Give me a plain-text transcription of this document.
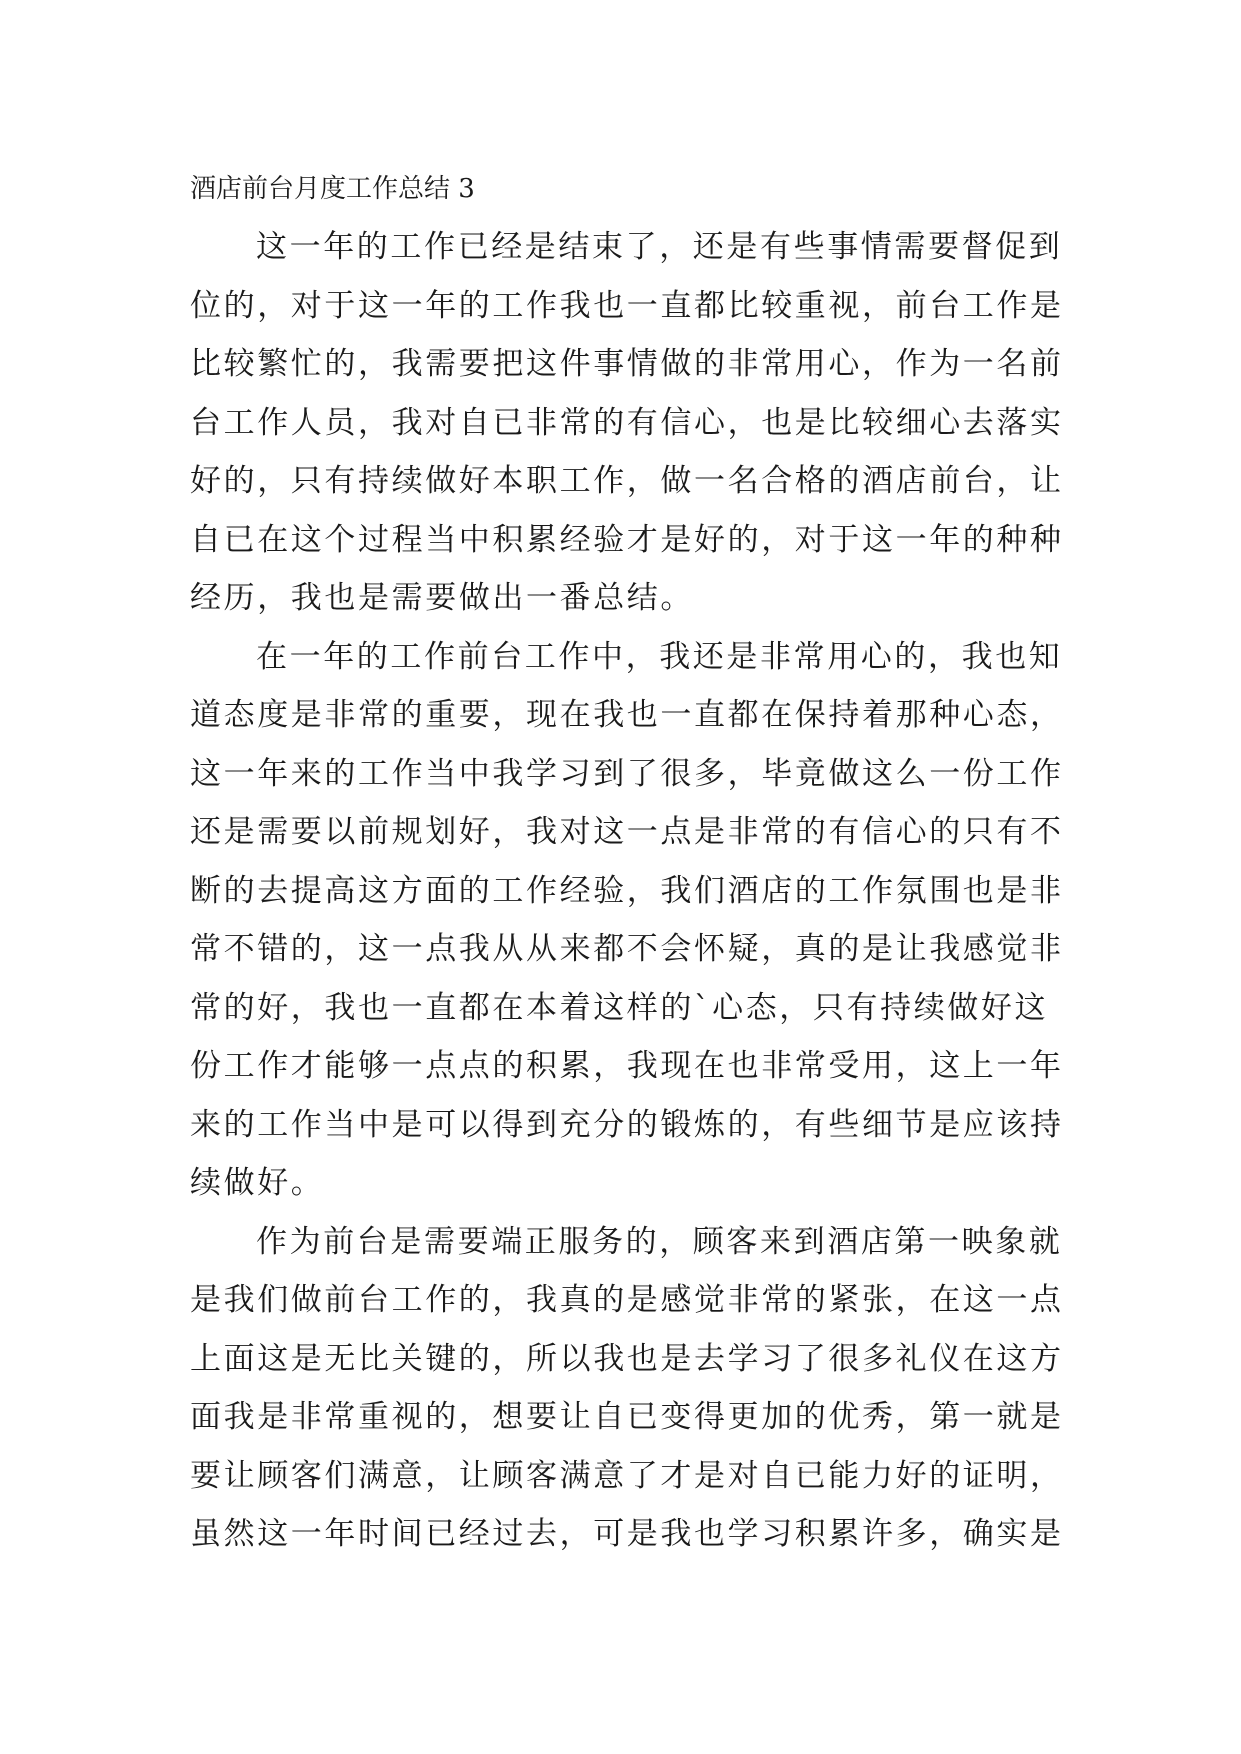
酒店前台月度工作总结 3
这一年的工作已经是结束了，还是有些事情需要督促到
位的，对于这一年的工作我也一直都比较重视，前台工作是
比较繁忙的，我需要把这件事情做的非常用心，作为一名前
台工作人员，我对自已非常的有信心，也是比较细心去落实
好的，只有持续做好本职工作，做一名合格的酒店前台，让
自已在这个过程当中积累经验才是好的，对于这一年的种种
经历，我也是需要做出一番总结。
在一年的工作前台工作中，我还是非常用心的，我也知
道态度是非常的重要，现在我也一直都在保持着那种心态，
这一年来的工作当中我学习到了很多，毕竟做这么一份工作
还是需要以前规划好，我对这一点是非常的有信心的只有不
断的去提高这方面的工作经验，我们酒店的工作氛围也是非
常不错的，这一点我从从来都不会怀疑，真的是让我感觉非
常的好，我也一直都在本着这样的`心态，只有持续做好这
份工作才能够一点点的积累，我现在也非常受用，这上一年
来的工作当中是可以得到充分的锻炼的，有些细节是应该持
续做好。
作为前台是需要端正服务的，顾客来到酒店第一映象就
是我们做前台工作的，我真的是感觉非常的紧张，在这一点
上面这是无比关键的，所以我也是去学习了很多礼仪在这方
面我是非常重视的，想要让自已变得更加的优秀，第一就是
要让顾客们满意，让顾客满意了才是对自已能力好的证明，
虽然这一年时间已经过去，可是我也学习积累许多，确实是
